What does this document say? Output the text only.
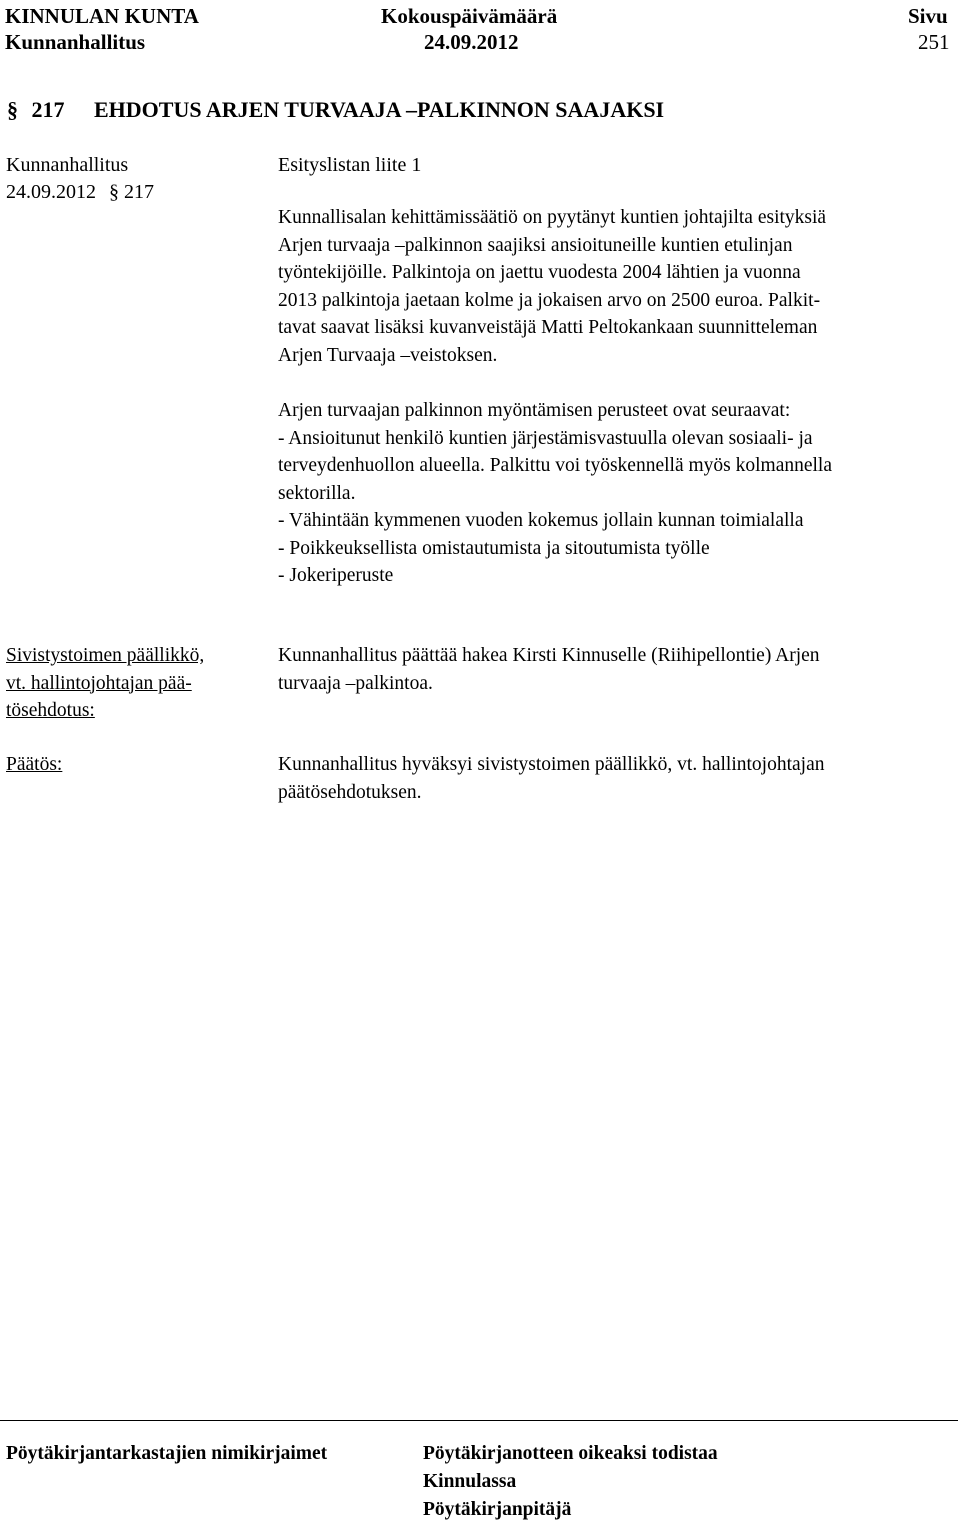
KINNULAN KUNTA
Kunnanhallitus
Kokouspäivämäärä
24.09.2012
Sivu
251
§ 217 EHDOTUS ARJEN TURVAAJA –PALKINNON SAAJAKSI
Kunnanhallitus	Esityslistan liite 1
24.09.2012 § 217

Kunnallisalan kehittämissäätiö on pyytänyt kuntien johtajilta esityksiä

Arjen turvaaja –palkinnon saajiksi ansioituneille kuntien etulinjan

työntekijöille. Palkintoja on jaettu vuodesta 2004 lähtien ja vuonna

2013 palkintoja jaetaan kolme ja jokaisen arvo on 2500 euroa. Palkit-

tavat saavat lisäksi kuvanveistäjä Matti Peltokankaan suunnitteleman

Arjen Turvaaja –veistoksen.

Arjen turvaajan palkinnon myöntämisen perusteet ovat seuraavat:

- Ansioitunut henkilö kuntien järjestämisvastuulla olevan sosiaali- ja

terveydenhuollon alueella. Palkittu voi työskennellä myös kolmannella

sektorilla.

- Vähintään kymmenen vuoden kokemus jollain kunnan toimialalla

- Poikkeuksellista omistautumista ja sitoutumista työlle

- Jokeriperuste

Sivistystoimen päällikkö,
vt. hallintojohtajan pää-
tösehdotus:

Kunnanhallitus päättää hakea Kirsti Kinnuselle (Riihipellontie) Arjen

turvaaja –palkintoa.

Päätös:	Kunnanhallitus hyväksyi sivistystoimen päällikkö, vt. hallintojohtajan

päätösehdotuksen.

Pöytäkirjantarkastajien nimikirjaimet	Pöytäkirjanotteen oikeaksi todistaa
Kinnulassa
Pöytäkirjanpitäjä
